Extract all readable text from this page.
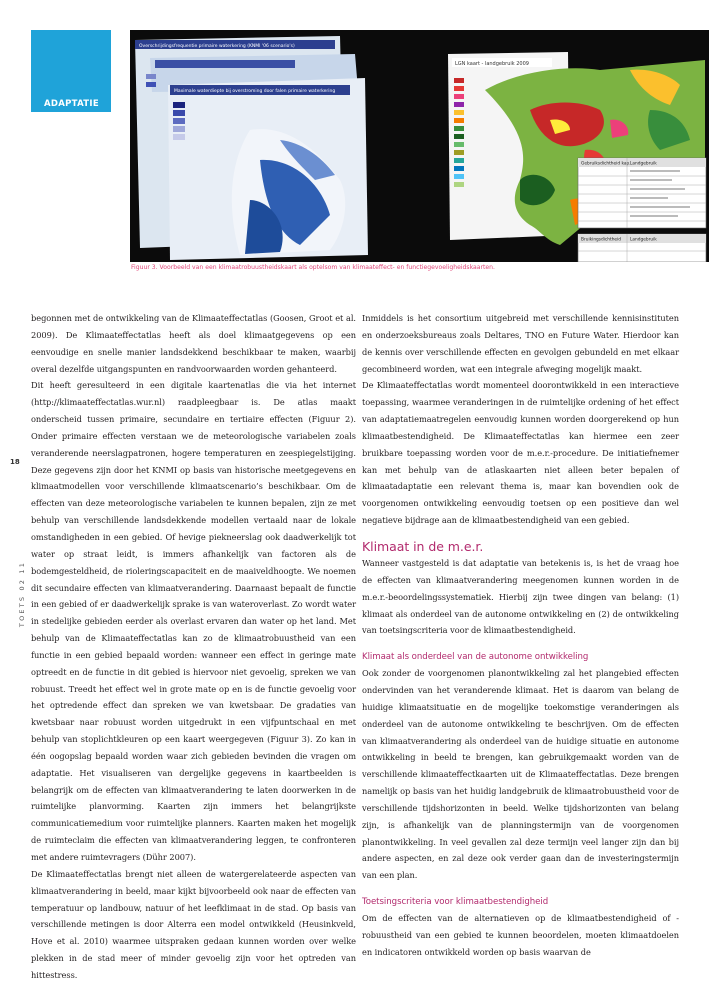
ADAPTATIE
Overschrijdingsfrequentie primaire waterkering (KNMI '06 scenario's)
Maximale waterdiepte bij overstroming door falen primaire waterkering
LGN kaart - landgebruik 2009
Gebruiksdichtheid kap. Landgebruik
Bruikingsdichtheid Landgebruik
Figuur 3. Voorbeeld van een klimaatrobuustheidskaart als optelsom van klimaateffect- en functiegevoeligheidskaarten.
18
TOETS 02 11

begonnen met de ontwikkeling van de Klimaateffectatlas (Goosen, Groot et al. 2009). De Klimaateffectatlas heeft als doel klimaatgegevens op een eenvoudige en snelle manier landsdekkend beschikbaar te maken, waarbij overal dezelfde uitgangspunten en randvoorwaarden worden gehanteerd.

Dit heeft geresulteerd in een digitale kaartenatlas die via het internet (http://klimaateffectatlas.wur.nl) raadpleegbaar is. De atlas maakt onderscheid tussen primaire, secundaire en tertiaire effecten (Figuur 2). Onder primaire effecten verstaan we de meteorologische variabelen zoals veranderende neerslagpatronen, hogere temperaturen en zeespiegelstijging. Deze gegevens zijn door het KNMI op basis van historische meetgegevens en klimaatmodellen voor verschillende klimaatscenario’s beschikbaar. Om de effecten van deze meteorologische variabelen te kunnen bepalen, zijn ze met behulp van verschillende landsdekkende modellen vertaald naar de lokale omstandigheden in een gebied. Of hevige piekneerslag ook daadwerkelijk tot water op straat leidt, is immers afhankelijk van factoren als de bodemgesteldheid, de rioleringscapaciteit en de maaiveldhoogte. We noemen dit secundaire effecten van klimaatverandering. Daarnaast bepaalt de functie in een gebied of er daadwerkelijk sprake is van wateroverlast. Zo wordt water in stedelijke gebieden eerder als overlast ervaren dan water op het land. Met behulp van de Klimaateffectatlas kan zo de klimaatrobuustheid van een functie in een gebied bepaald worden: wanneer een effect in geringe mate optreedt en de functie in dit gebied is hiervoor niet gevoelig, spreken we van robuust. Treedt het effect wel in grote mate op en is de functie gevoelig voor het optredende effect dan spreken we van kwetsbaar. De gradaties van kwetsbaar naar robuust worden uitgedrukt in een vijfpuntschaal en met behulp van stoplichtkleuren op een kaart weergegeven (Figuur 3). Zo kan in één oogopslag bepaald worden waar zich gebieden bevinden die vragen om adaptatie. Het visualiseren van dergelijke gegevens in kaartbeelden is belangrijk om de effecten van klimaatverandering te laten doorwerken in de ruimtelijke planvorming. Kaarten zijn immers het belangrijkste communicatiemedium voor ruimtelijke planners. Kaarten maken het mogelijk de ruimteclaim die effecten van klimaatverandering leggen, te confronteren met andere ruimtevragers (Dühr 2007).

De Klimaateffectatlas brengt niet alleen de watergerelateerde aspecten van klimaatverandering in beeld, maar kijkt bijvoorbeeld ook naar de effecten van temperatuur op landbouw, natuur of het leefklimaat in de stad. Op basis van verschillende metingen is door Alterra een model ontwikkeld (Heusinkveld, Hove et al. 2010) waarmee uitspraken gedaan kunnen worden over welke plekken in de stad meer of minder gevoelig zijn voor het optreden van hittestress.

Inmiddels is het consortium uitgebreid met verschillende kennisinstituten en onderzoeksbureaus zoals Deltares, TNO en Future Water. Hierdoor kan de kennis over verschillende effecten en gevolgen gebundeld en met elkaar gecombineerd worden, wat een integrale afweging mogelijk maakt.

De Klimaateffectatlas wordt momenteel doorontwikkeld in een interactieve toepassing, waarmee veranderingen in de ruimtelijke ordening of het effect van adaptatiemaatregelen eenvoudig kunnen worden doorgerekend op hun klimaatbestendigheid. De Klimaateffectatlas kan hiermee een zeer bruikbare toepassing worden voor de m.e.r.-procedure. De initiatiefnemer kan met behulp van de atlaskaarten niet alleen beter bepalen of klimaatadaptatie een relevant thema is, maar kan bovendien ook de voorgenomen ontwikkeling eenvoudig toetsen op een positieve dan wel negatieve bijdrage aan de klimaatbestendigheid van een gebied.

Klimaat in de m.e.r.

Wanneer vastgesteld is dat adaptatie van betekenis is, is het de vraag hoe de effecten van klimaatverandering meegenomen kunnen worden in de m.e.r.-beoordelingssystematiek. Hierbij zijn twee dingen van belang: (1) klimaat als onderdeel van de autonome ontwikkeling en (2) de ontwikkeling van toetsingscriteria voor de klimaatbestendigheid.

Klimaat als onderdeel van de autonome ontwikkeling

Ook zonder de voorgenomen planontwikkeling zal het plangebied effecten ondervinden van het veranderende klimaat. Het is daarom van belang de huidige klimaatsituatie en de mogelijke toekomstige veranderingen als onderdeel van de autonome ontwikkeling te beschrijven. Om de effecten van klimaatverandering als onderdeel van de huidige situatie en autonome ontwikkeling in beeld te brengen, kan gebruikgemaakt worden van de verschillende klimaateffectkaarten uit de Klimaateffectatlas. Deze brengen namelijk op basis van het huidig landgebruik de klimaatrobuustheid voor de verschillende tijdshorizonten in beeld. Welke tijdshorizonten van belang zijn, is afhankelijk van de planningstermijn van de voorgenomen planontwikkeling. In veel gevallen zal deze termijn veel langer zijn dan bij andere aspecten, en zal deze ook verder gaan dan de investeringstermijn van een plan.

Toetsingscriteria voor klimaatbestendigheid

Om de effecten van de alternatieven op de klimaatbestendigheid of -robuustheid van een gebied te kunnen beoordelen, moeten klimaatdoelen en indicatoren ontwikkeld worden op basis waarvan de
